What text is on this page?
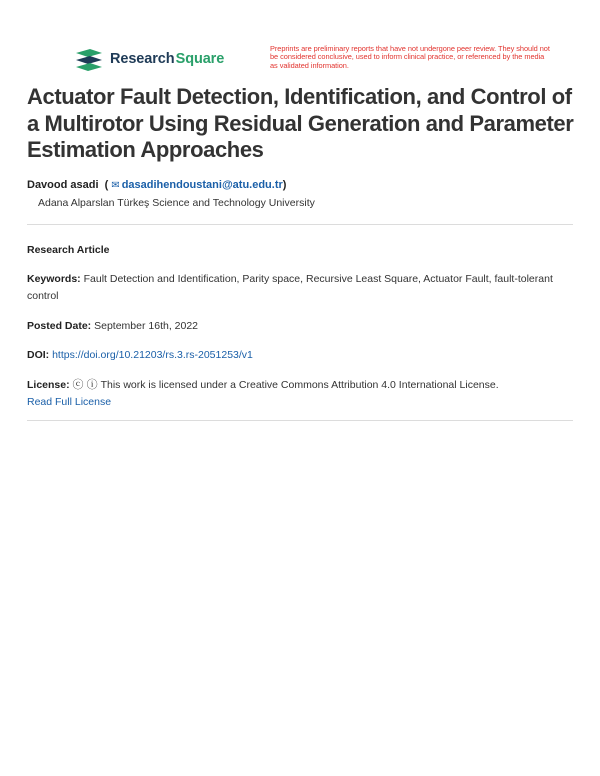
Research Square
Preprints are preliminary reports that have not undergone peer review. They should not be considered conclusive, used to inform clinical practice, or referenced by the media as validated information.
Actuator Fault Detection, Identification, and Control of a Multirotor Using Residual Generation and Parameter Estimation Approaches
Davood asadi  ( ✉ dasadihendoustani@atu.edu.tr)
Adana Alparslan Türkeş Science and Technology University
Research Article
Keywords: Fault Detection and Identification, Parity space, Recursive Least Square, Actuator Fault, fault-tolerant control
Posted Date: September 16th, 2022
DOI: https://doi.org/10.21203/rs.3.rs-2051253/v1
License: ⓒ ⓘ This work is licensed under a Creative Commons Attribution 4.0 International License.
Read Full License
